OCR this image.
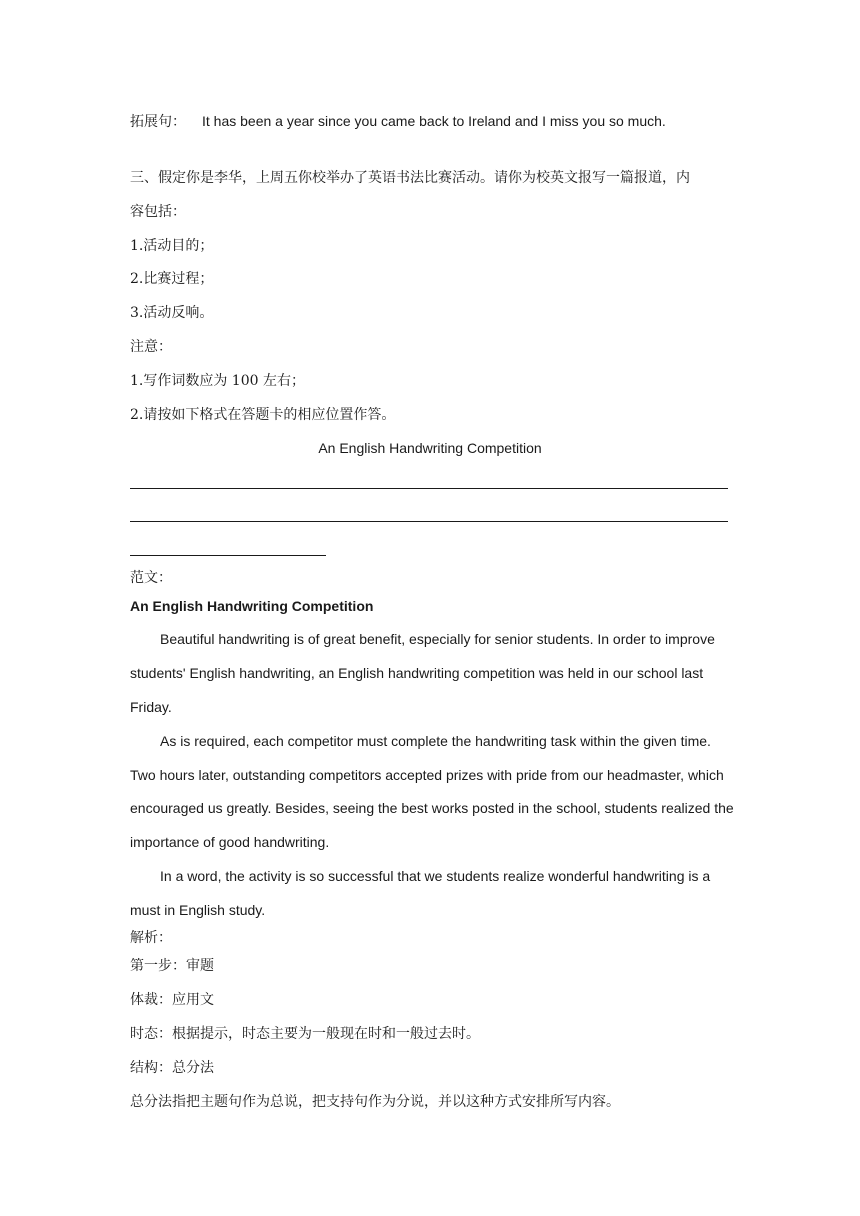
拓展句： It has been a year since you came back to Ireland and I miss you so much.
三、假定你是李华，上周五你校举办了英语书法比赛活动。请你为校英文报写一篇报道，内
容包括：
1.活动目的；
2.比赛过程；
3.活动反响。
注意：
1.写作词数应为 100 左右；
2.请按如下格式在答题卡的相应位置作答。
An English Handwriting Competition
范文：
An English Handwriting Competition
Beautiful handwriting is of great benefit, especially for senior students. In order to improve
students' English handwriting, an English handwriting competition was held in our school last
Friday.
As is required, each competitor must complete the handwriting task within the given time.
Two hours later, outstanding competitors accepted prizes with pride from our headmaster, which
encouraged us greatly. Besides, seeing the best works posted in the school, students realized the
importance of good handwriting.
In a word, the activity is so successful that we students realize wonderful handwriting is a
must in English study.
解析：
第一步：审题
体裁：应用文
时态：根据提示，时态主要为一般现在时和一般过去时。
结构：总分法
总分法指把主题句作为总说，把支持句作为分说，并以这种方式安排所写内容。
